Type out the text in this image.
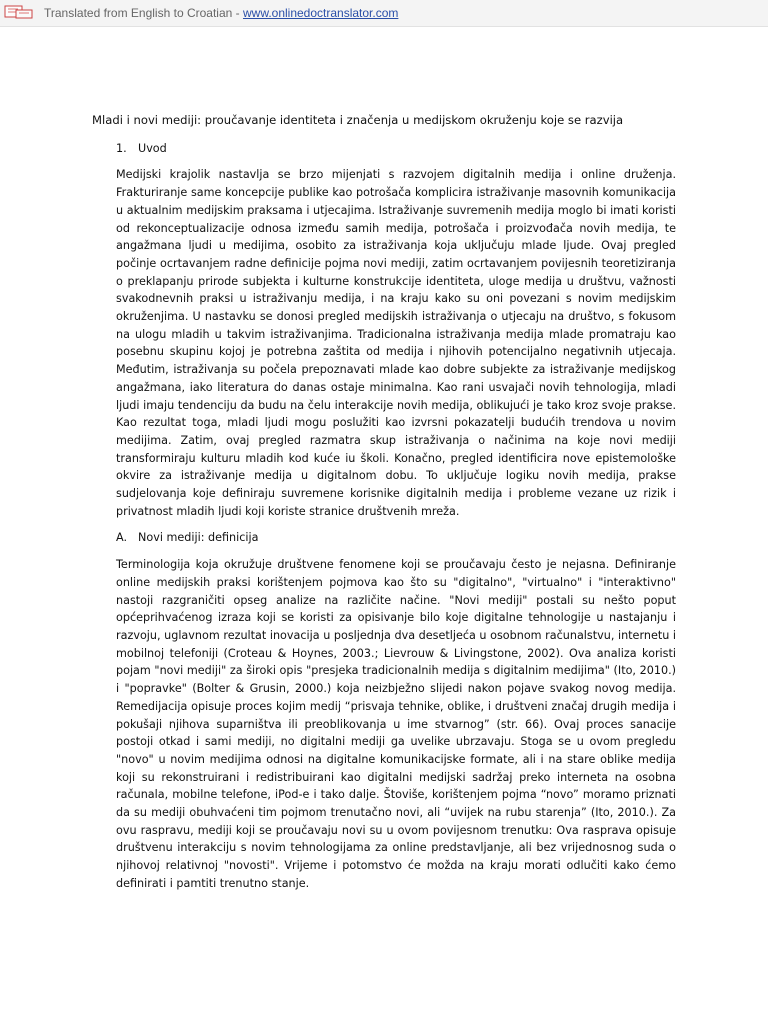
Translated from English to Croatian - www.onlinedoctranslator.com
Mladi i novi mediji: proučavanje identiteta i značenja u medijskom okruženju koje se razvija
1. Uvod

Medijski krajolik nastavlja se brzo mijenjati s razvojem digitalnih medija i online druženja. Frakturiranje same koncepcije publike kao potrošača komplicira istraživanje masovnih komunikacija u aktualnim medijskim praksama i utjecajima. Istraživanje suvremenih medija moglo bi imati koristi od rekonceptualizacije odnosa između samih medija, potrošača i proizvođača novih medija, te angažmana ljudi u medijima, osobito za istraživanja koja uključuju mlade ljude. Ovaj pregled počinje ocrtavanjem radne definicije pojma novi mediji, zatim ocrtavanjem povijesnih teoretiziranja o preklapanju prirode subjekta i kulturne konstrukcije identiteta, uloge medija u društvu, važnosti svakodnevnih praksi u istraživanju medija, i na kraju kako su oni povezani s novim medijskim okruženjima. U nastavku se donosi pregled medijskih istraživanja o utjecaju na društvo, s fokusom na ulogu mladih u takvim istraživanjima. Tradicionalna istraživanja medija mlade promatraju kao posebnu skupinu kojoj je potrebna zaštita od medija i njihovih potencijalno negativnih utjecaja. Međutim, istraživanja su počela prepoznavati mlade kao dobre subjekte za istraživanje medijskog angažmana, iako literatura do danas ostaje minimalna. Kao rani usvajači novih tehnologija, mladi ljudi imaju tendenciju da budu na čelu interakcije novih medija, oblikujući je tako kroz svoje prakse. Kao rezultat toga, mladi ljudi mogu poslužiti kao izvrsni pokazatelji budućih trendova u novim medijima. Zatim, ovaj pregled razmatra skup istraživanja o načinima na koje novi mediji transformiraju kulturu mladih kod kuće iu školi. Konačno, pregled identificira nove epistemološke okvire za istraživanje medija u digitalnom dobu. To uključuje logiku novih medija, prakse sudjelovanja koje definiraju suvremene korisnike digitalnih medija i probleme vezane uz rizik i privatnost mladih ljudi koji koriste stranice društvenih mreža.

A. Novi mediji: definicija

Terminologija koja okružuje društvene fenomene koji se proučavaju često je nejasna. Definiranje online medijskih praksi korištenjem pojmova kao što su "digitalno", "virtualno" i "interaktivno" nastoji razgraničiti opseg analize na različite načine. "Novi mediji" postali su nešto poput općeprihvaćenog izraza koji se koristi za opisivanje bilo koje digitalne tehnologije u nastajanju i razvoju, uglavnom rezultat inovacija u posljednja dva desetljeća u osobnom računalstvu, internetu i mobilnoj telefoniji (Croteau & Hoynes, 2003.; Lievrouw & Livingstone, 2002). Ova analiza koristi pojam "novi mediji" za široki opis "presjeka tradicionalnih medija s digitalnim medijima" (Ito, 2010.) i "popravke" (Bolter & Grusin, 2000.) koja neizbježno slijedi nakon pojave svakog novog medija. Remedijacija opisuje proces kojim medij “prisvaja tehnike, oblike, i društveni značaj drugih medija i pokušaji njihova suparništva ili preoblikovanja u ime stvarnog” (str. 66). Ovaj proces sanacije postoji otkad i sami mediji, no digitalni mediji ga uvelike ubrzavaju. Stoga se u ovom pregledu "novo" u novim medijima odnosi na digitalne komunikacijske formate, ali i na stare oblike medija koji su rekonstruirani i redistribuirani kao digitalni medijski sadržaj preko interneta na osobna računala, mobilne telefone, iPod-e i tako dalje. Štoviše, korištenjem pojma “novo” moramo priznati da su mediji obuhvaćeni tim pojmom trenutačno novi, ali “uvijek na rubu starenja” (Ito, 2010.). Za ovu raspravu, mediji koji se proučavaju novi su u ovom povijesnom trenutku: Ova rasprava opisuje društvenu interakciju s novim tehnologijama za online predstavljanje, ali bez vrijednosnog suda o njihovoj relativnoj "novosti". Vrijeme i potomstvo će možda na kraju morati odlučiti kako ćemo definirati i pamtiti trenutno stanje.
